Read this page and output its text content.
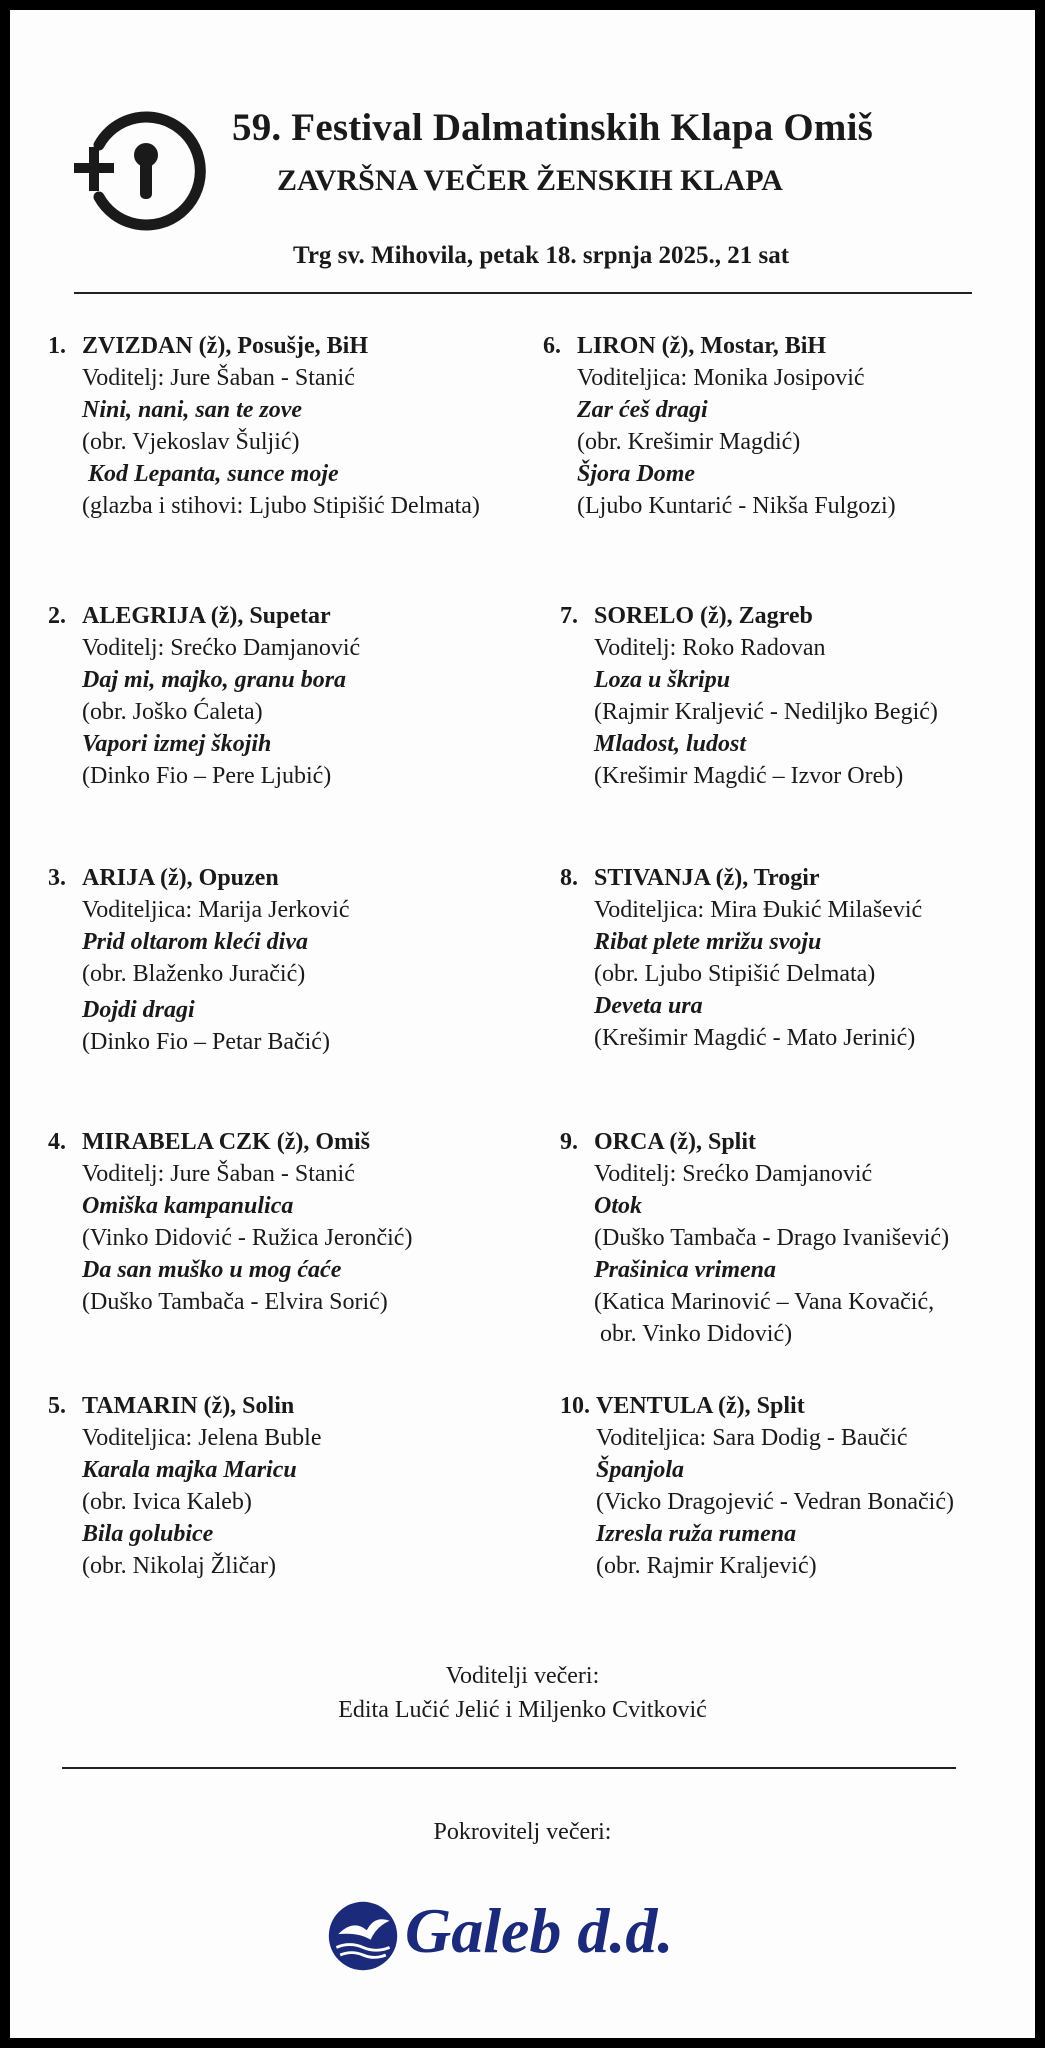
59. Festival Dalmatinskih Klapa Omiš
ZAVRŠNA VEČER ŽENSKIH KLAPA
Trg sv. Mihovila, petak 18. srpnja 2025., 21 sat
1. ZVIZDAN (ž), Posušje, BiH
Voditelj: Jure Šaban - Stanić
Nini, nani, san te zove
(obr. Vjekoslav Šuljić)
Kod Lepanta, sunce moje
(glazba i stihovi: Ljubo Stipišić Delmata)
2. ALEGRIJA (ž), Supetar
Voditelj: Srećko Damjanović
Daj mi, majko, granu bora
(obr. Joško Ćaleta)
Vapori izmej škojih
(Dinko Fio – Pere Ljubić)
3. ARIJA (ž), Opuzen
Voditeljica: Marija Jerković
Prid oltarom kleći diva
(obr. Blaženko Juračić)
Dojdi dragi
(Dinko Fio – Petar Bačić)
4. MIRABELA CZK (ž), Omiš
Voditelj: Jure Šaban - Stanić
Omiška kampanulica
(Vinko Didović - Ružica Jerončić)
Da san muško u mog ćaće
(Duško Tambača - Elvira Sorić)
5. TAMARIN (ž), Solin
Voditeljica: Jelena Buble
Karala majka Maricu
(obr. Ivica Kaleb)
Bila golubice
(obr. Nikolaj Žličar)
6. LIRON (ž), Mostar, BiH
Voditeljica: Monika Josipović
Zar ćeš dragi
(obr. Krešimir Magdić)
Šjora Dome
(Ljubo Kuntarić - Nikša Fulgozi)
7. SORELO (ž), Zagreb
Voditelj: Roko Radovan
Loza u škripu
(Rajmir Kraljević - Nediljko Begić)
Mladost, ludost
(Krešimir Magdić – Izvor Oreb)
8. STIVANJA (ž), Trogir
Voditeljica: Mira Đukić Milašević
Ribat plete mrižu svoju
(obr. Ljubo Stipišić Delmata)
Deveta ura
(Krešimir Magdić - Mato Jerinić)
9. ORCA (ž), Split
Voditelj: Srećko Damjanović
Otok
(Duško Tambača - Drago Ivanišević)
Prašinica vrimena
(Katica Marinović – Vana Kovačić,
obr. Vinko Didović)
10. VENTULA (ž), Split
Voditeljica: Sara Dodig - Baučić
Španjola
(Vicko Dragojević - Vedran Bonačić)
Izresla ruža rumena
(obr. Rajmir Kraljević)
Voditelji večeri:
Edita Lučić Jelić i Miljenko Cvitković
Pokrovitelj večeri:
Galeb d.d.
